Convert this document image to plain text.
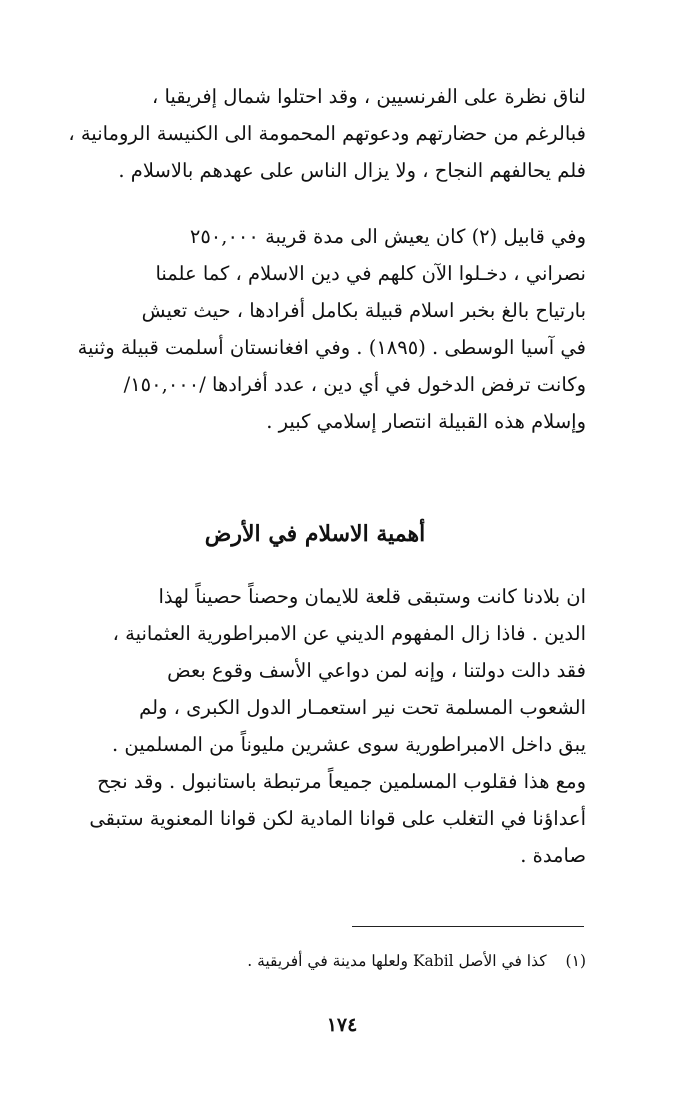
لناق نظرة على الفرنسيين ، وقد احتلوا شمال إفريقيا ،
فبالرغم من حضارتهم ودعوتهم المحمومة الى الكنيسة الرومانية ،
فلم يحالفهم النجاح ، ولا يزال الناس على عهدهم بالاسلام .
وفي قابيل (٢) كان يعيش الى مدة قريبة ٢٥٠,٠٠٠
نصراني ، دخـلوا الآن كلهم في دين الاسلام ، كما علمنا
بارتياح بالغ بخبر اسلام قبيلة بكامل أفرادها ، حيث تعيش
في آسيا الوسطى . (١٨٩٥) . وفي افغانستان أسلمت قبيلة وثنية
وكانت ترفض الدخول في أي دين ، عدد أفرادها /١٥٠,٠٠٠/
وإسلام هذه القبيلة انتصار إسلامي كبير .
أهمية الاسلام في الأرض
ان بلادنا كانت وستبقى قلعة للايمان وحصناً حصيناً لهذا
الدين . فاذا زال المفهوم الديني عن الامبراطورية العثمانية ،
فقد دالت دولتنا ، وإنه لمن دواعي الأسف وقوع بعض
الشعوب المسلمة تحت نير استعمـار الدول الكبرى ، ولم
يبق داخل الامبراطورية سوى عشرين مليوناً من المسلمين .
ومع هذا فقلوب المسلمين جميعاً مرتبطة باستانبول . وقد نجح
أعداؤنا في التغلب على قوانا المادية لكن قوانا المعنوية ستبقى
صامدة .
(١) كذا في الأصل Kabil ولعلها مدينة في أفريقية .
١٧٤
